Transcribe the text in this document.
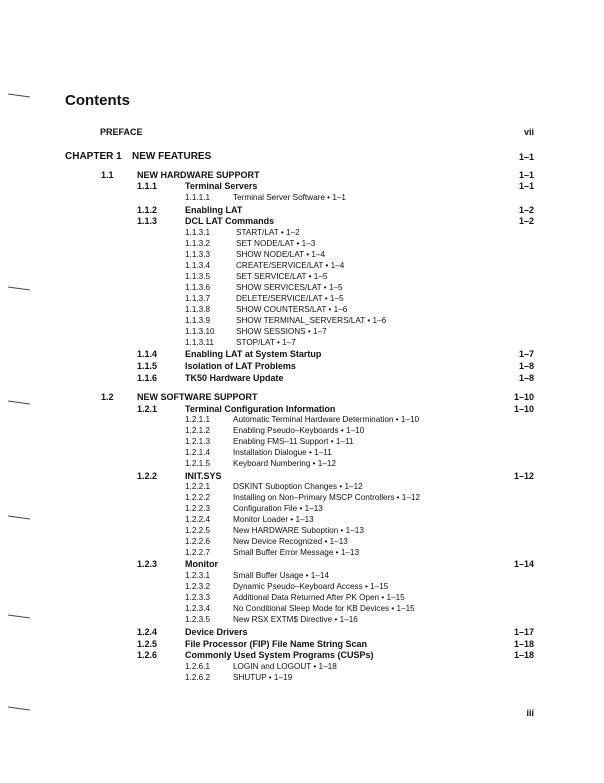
Contents
PREFACE	vii
CHAPTER 1 NEW FEATURES	1–1
1.1	NEW HARDWARE SUPPORT	1–1
1.1.1	Terminal Servers	1–1
1.1.1.1	Terminal Server Software • 1–1
1.1.2	Enabling LAT	1–2
1.1.3	DCL LAT Commands	1–2
1.1.3.1	START/LAT • 1–2
1.1.3.2	SET NODE/LAT • 1–3
1.1.3.3	SHOW NODE/LAT • 1–4
1.1.3.4	CREATE/SERVICE/LAT • 1–4
1.1.3.5	SET SERVICE/LAT • 1–5
1.1.3.6	SHOW SERVICES/LAT • 1–5
1.1.3.7	DELETE/SERVICE/LAT • 1–5
1.1.3.8	SHOW COUNTERS/LAT • 1–6
1.1.3.9	SHOW TERMINAL_SERVERS/LAT • 1–6
1.1.3.10	SHOW SESSIONS • 1–7
1.1.3.11	STOP/LAT • 1–7
1.1.4	Enabling LAT at System Startup	1–7
1.1.5	Isolation of LAT Problems	1–8
1.1.6	TK50 Hardware Update	1–8
1.2	NEW SOFTWARE SUPPORT	1–10
1.2.1	Terminal Configuration Information	1–10
1.2.1.1	Automatic Terminal Hardware Determination • 1–10
1.2.1.2	Enabling Pseudo–Keyboards • 1–10
1.2.1.3	Enabling FMS–11 Support • 1–11
1.2.1.4	Installation Dialogue • 1–11
1.2.1.5	Keyboard Numbering • 1–12
1.2.2	INIT.SYS	1–12
1.2.2.1	DSKINT Suboption Changes • 1–12
1.2.2.2	Installing on Non–Primary MSCP Controllers • 1–12
1.2.2.3	Configuration File • 1–13
1.2.2.4	Monitor Loader • 1–13
1.2.2.5	New HARDWARE Suboption • 1–13
1.2.2.6	New Device Recognized • 1–13
1.2.2.7	Small Buffer Error Message • 1–13
1.2.3	Monitor	1–14
1.2.3.1	Small Buffer Usage • 1–14
1.2.3.2	Dynamic Pseudo–Keyboard Access • 1–15
1.2.3.3	Additional Data Returned After PK Open • 1–15
1.2.3.4	No Conditional Sleep Mode for KB Devices • 1–15
1.2.3.5	New RSX EXTM$ Directive • 1–16
1.2.4	Device Drivers	1–17
1.2.5	File Processor (FIP) File Name String Scan	1–18
1.2.6	Commonly Used System Programs (CUSPs)	1–18
1.2.6.1	LOGIN and LOGOUT • 1–18
1.2.6.2	SHUTUP • 1–19
iii
